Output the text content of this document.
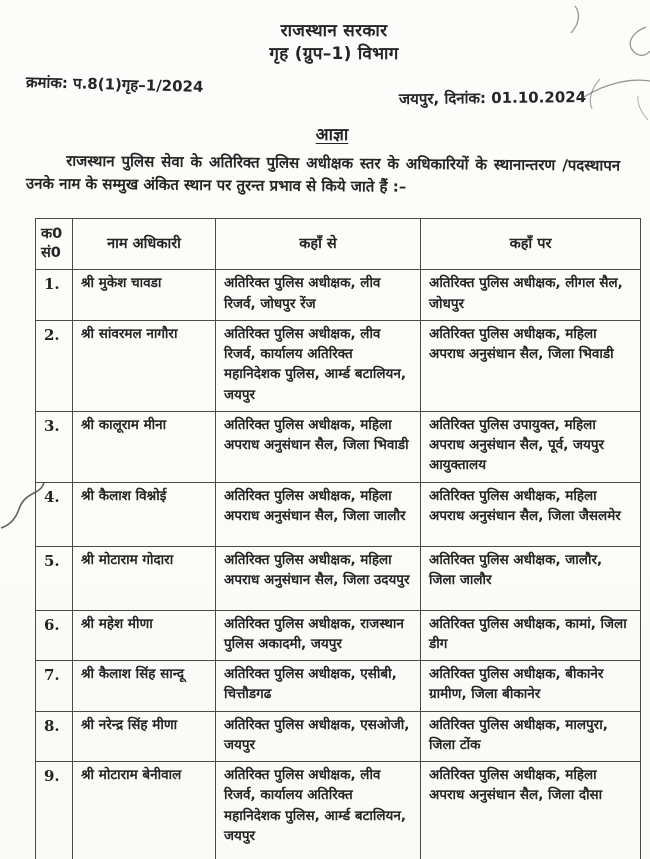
राजस्थान सरकार
गृह (ग्रुप–1) विभाग
क्रमांक: प.8(1)गृह–1/2024
जयपुर, दिनांक: 01.10.2024
आज्ञा

राजस्थान पुलिस सेवा के अतिरिक्त पुलिस अधीक्षक स्तर के अधिकारियों के स्थानान्तरण /पदस्थापन उनके नाम के सम्मुख अंकित स्थान पर तुरन्त प्रभाव से किये जाते हैं :–

क0
सं0	नाम अधिकारी	कहाँ से	कहाँ पर
1.	श्री मुकेश चावडा	अतिरिक्त पुलिस अधीक्षक, लीव रिजर्व, जोधपुर रेंज	अतिरिक्त पुलिस अधीक्षक, लीगल सैल, जोधपुर
2.	श्री सांवरमल नागौरा	अतिरिक्त पुलिस अधीक्षक, लीव रिजर्व, कार्यालय अतिरिक्त महानिदेशक पुलिस, आर्म्ड बटालियन, जयपुर	अतिरिक्त पुलिस अधीक्षक, महिला अपराध अनुसंधान सैल, जिला भिवाडी
3.	श्री कालूराम मीना	अतिरिक्त पुलिस अधीक्षक, महिला अपराध अनुसंधान सैल, जिला भिवाडी	अतिरिक्त पुलिस उपायुक्त, महिला अपराध अनुसंधान सैल, पूर्व, जयपुर आयुक्तालय
4.	श्री कैलाश विश्नोई	अतिरिक्त पुलिस अधीक्षक, महिला अपराध अनुसंधान सैल, जिला जालौर	अतिरिक्त पुलिस अधीक्षक, महिला अपराध अनुसंधान सैल, जिला जैसलमेर
5.	श्री मोटाराम गोदारा	अतिरिक्त पुलिस अधीक्षक, महिला अपराध अनुसंधान सैल, जिला उदयपुर	अतिरिक्त पुलिस अधीक्षक, जालौर, जिला जालौर
6.	श्री महेश मीणा	अतिरिक्त पुलिस अधीक्षक, राजस्थान पुलिस अकादमी, जयपुर	अतिरिक्त पुलिस अधीक्षक, कामां, जिला डीग
7.	श्री कैलाश सिंह सान्दू	अतिरिक्त पुलिस अधीक्षक, एसीबी, चित्तौडगढ	अतिरिक्त पुलिस अधीक्षक, बीकानेर ग्रामीण, जिला बीकानेर
8.	श्री नरेन्द्र सिंह मीणा	अतिरिक्त पुलिस अधीक्षक, एसओजी, जयपुर	अतिरिक्त पुलिस अधीक्षक, मालपुरा, जिला टोंक
9.	श्री मोटाराम बेनीवाल	अतिरिक्त पुलिस अधीक्षक, लीव रिजर्व, कार्यालय अतिरिक्त महानिदेशक पुलिस, आर्म्ड बटालियन, जयपुर	अतिरिक्त पुलिस अधीक्षक, महिला अपराध अनुसंधान सैल, जिला दौसा
